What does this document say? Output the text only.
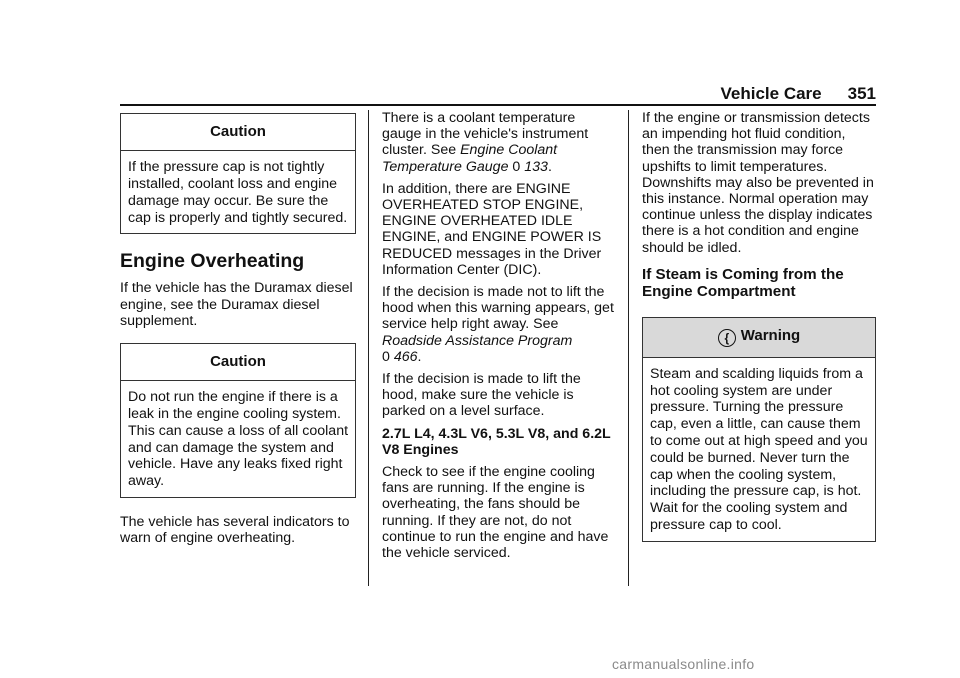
Vehicle Care 351
Caution
If the pressure cap is not tightly installed, coolant loss and engine damage may occur. Be sure the cap is properly and tightly secured.
Engine Overheating

If the vehicle has the Duramax diesel engine, see the Duramax diesel supplement.

Caution
Do not run the engine if there is a leak in the engine cooling system. This can cause a loss of all coolant and can damage the system and vehicle. Have any leaks fixed right away.

The vehicle has several indicators to warn of engine overheating.

There is a coolant temperature gauge in the vehicle's instrument cluster. See Engine Coolant Temperature Gauge 0 133.

In addition, there are ENGINE OVERHEATED STOP ENGINE, ENGINE OVERHEATED IDLE ENGINE, and ENGINE POWER IS REDUCED messages in the Driver Information Center (DIC).

If the decision is made not to lift the hood when this warning appears, get service help right away. See Roadside Assistance Program
0 466.

If the decision is made to lift the hood, make sure the vehicle is parked on a level surface.

2.7L L4, 4.3L V6, 5.3L V8, and 6.2L V8 Engines

Check to see if the engine cooling fans are running. If the engine is overheating, the fans should be running. If they are not, do not continue to run the engine and have the vehicle serviced.

If the engine or transmission detects an impending hot fluid condition, then the transmission may force upshifts to limit temperatures. Downshifts may also be prevented in this instance. Normal operation may continue unless the display indicates there is a hot condition and engine should be idled.

If Steam is Coming from the Engine Compartment
{ Warning
Steam and scalding liquids from a hot cooling system are under pressure. Turning the pressure cap, even a little, can cause them to come out at high speed and you could be burned. Never turn the cap when the cooling system, including the pressure cap, is hot. Wait for the cooling system and pressure cap to cool.
carmanualsonline.info
